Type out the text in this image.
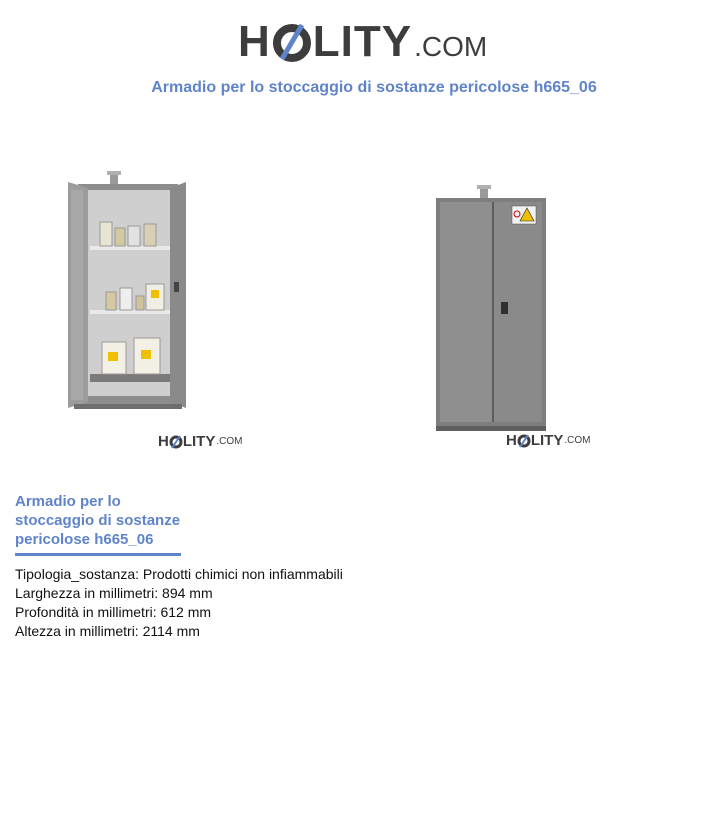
H LITY .COM
Armadio per lo stoccaggio di sostanze pericolose h665_06
H LITY .COM	H LITY .COM
Armadio per lo
stoccaggio di sostanze
pericolose h665_06
Tipologia_sostanza: Prodotti chimici non infiammabili
Larghezza in millimetri: 894 mm
Profondità in millimetri: 612 mm
Altezza in millimetri: 2114 mm
